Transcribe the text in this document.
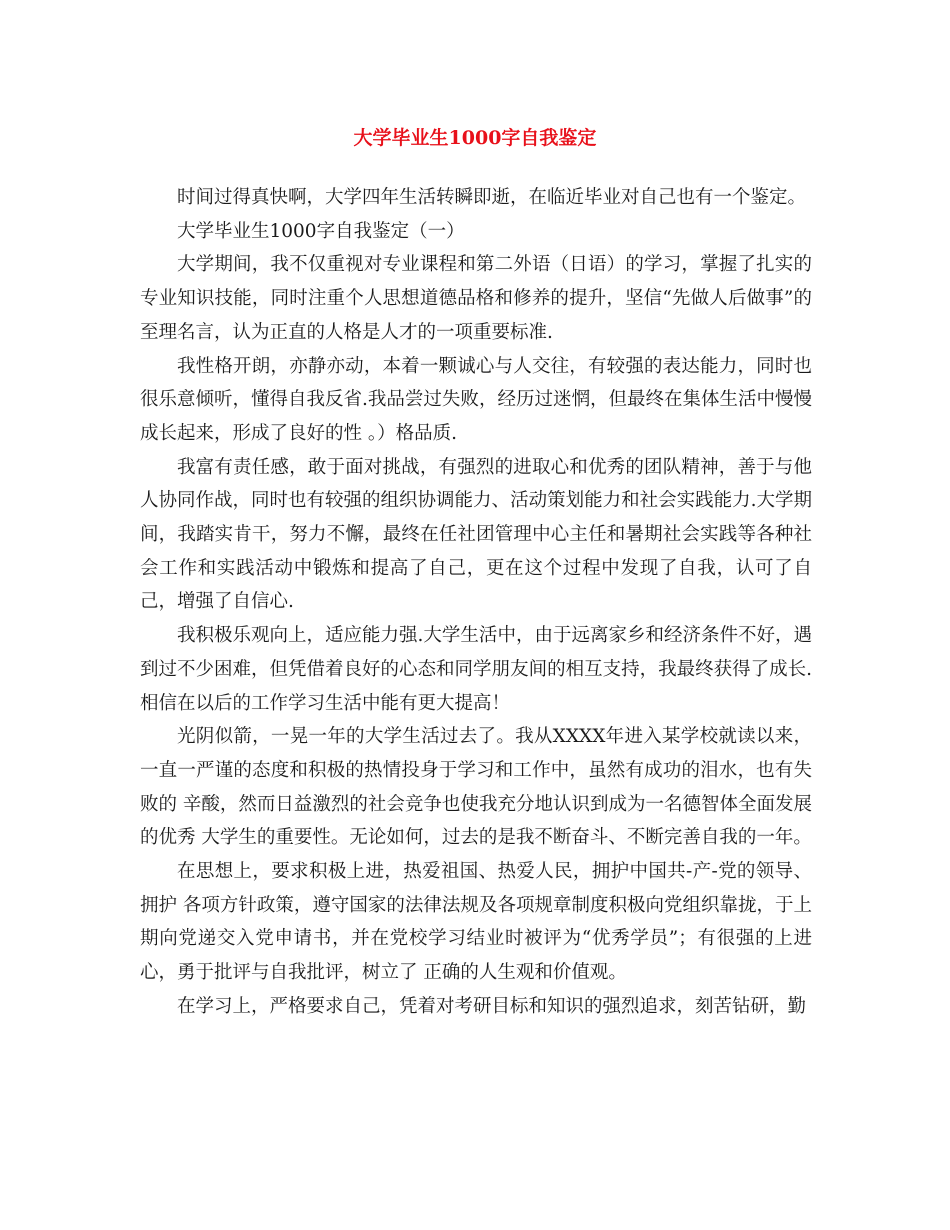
大学毕业生1000字自我鉴定

时间过得真快啊，大学四年生活转瞬即逝，在临近毕业对自己也有一个鉴定。

大学毕业生1000字自我鉴定（一）

大学期间，我不仅重视对专业课程和第二外语（日语）的学习，掌握了扎实的专业知识技能，同时注重个人思想道德品格和修养的提升，坚信“先做人后做事”的至理名言，认为正直的人格是人才的一项重要标准.

我性格开朗，亦静亦动，本着一颗诚心与人交往，有较强的表达能力，同时也很乐意倾听，懂得自我反省.我品尝过失败，经历过迷惘，但最终在集体生活中慢慢成长起来，形成了良好的性 。）格品质.

我富有责任感，敢于面对挑战，有强烈的进取心和优秀的团队精神，善于与他人协同作战，同时也有较强的组织协调能力、活动策划能力和社会实践能力.大学期间，我踏实肯干，努力不懈，最终在任社团管理中心主任和暑期社会实践等各种社会工作和实践活动中锻炼和提高了自己，更在这个过程中发现了自我，认可了自己，增强了自信心.

我积极乐观向上，适应能力强.大学生活中，由于远离家乡和经济条件不好，遇到过不少困难，但凭借着良好的心态和同学朋友间的相互支持，我最终获得了成长.相信在以后的工作学习生活中能有更大提高！

光阴似箭，一晃一年的大学生活过去了。我从XXXX年进入某学校就读以来，一直一严谨的态度和积极的热情投身于学习和工作中，虽然有成功的泪水，也有失败的 辛酸，然而日益激烈的社会竞争也使我充分地认识到成为一名德智体全面发展的优秀 大学生的重要性。无论如何，过去的是我不断奋斗、不断完善自我的一年。

在思想上，要求积极上进，热爱祖国、热爱人民，拥护中国共-产-党的领导、拥护 各项方针政策，遵守国家的法律法规及各项规章制度积极向党组织靠拢，于上期向党递交入党申请书，并在党校学习结业时被评为“优秀学员”；有很强的上进心，勇于批评与自我批评，树立了 正确的人生观和价值观。

在学习上，严格要求自己，凭着对考研目标和知识的强烈追求，刻苦钻研，勤
